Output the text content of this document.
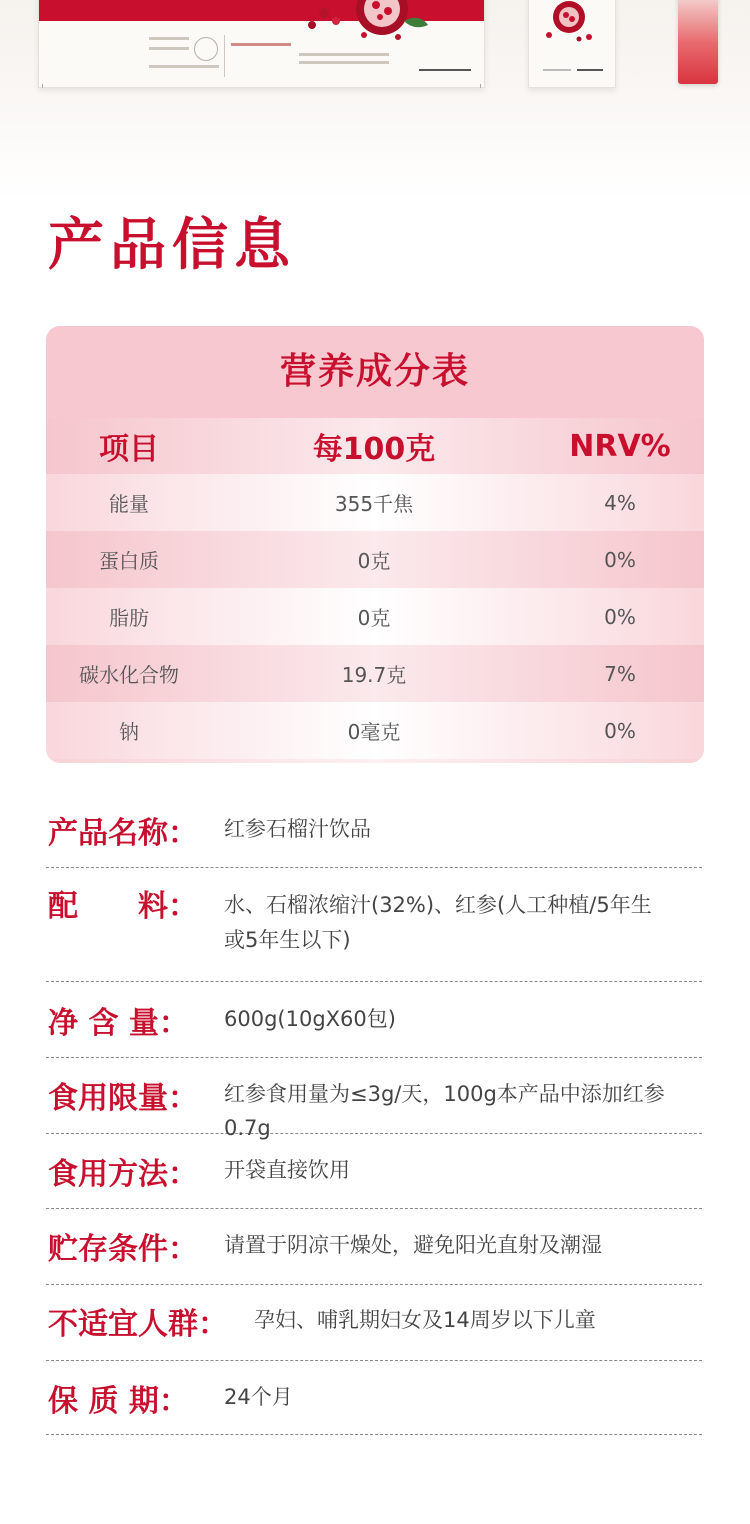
产品信息
营养成分表
项目	每100克	NRV%
能量	355千焦	4%
蛋白质	0克	0%
脂肪	0克	0%
碳水化合物	19.7克	7%
钠	0毫克	0%
产品名称： 红参石榴汁饮品
配　　料： 水、石榴浓缩汁(32%)、红参(人工种植/5年生
或5年生以下)
净 含 量： 600g(10gX60包)
食用限量： 红参食用量为≤3g/天，100g本产品中添加红参0.7g
食用方法： 开袋直接饮用
贮存条件： 请置于阴凉干燥处，避免阳光直射及潮湿
不适宜人群： 孕妇、哺乳期妇女及14周岁以下儿童
保 质 期： 24个月
